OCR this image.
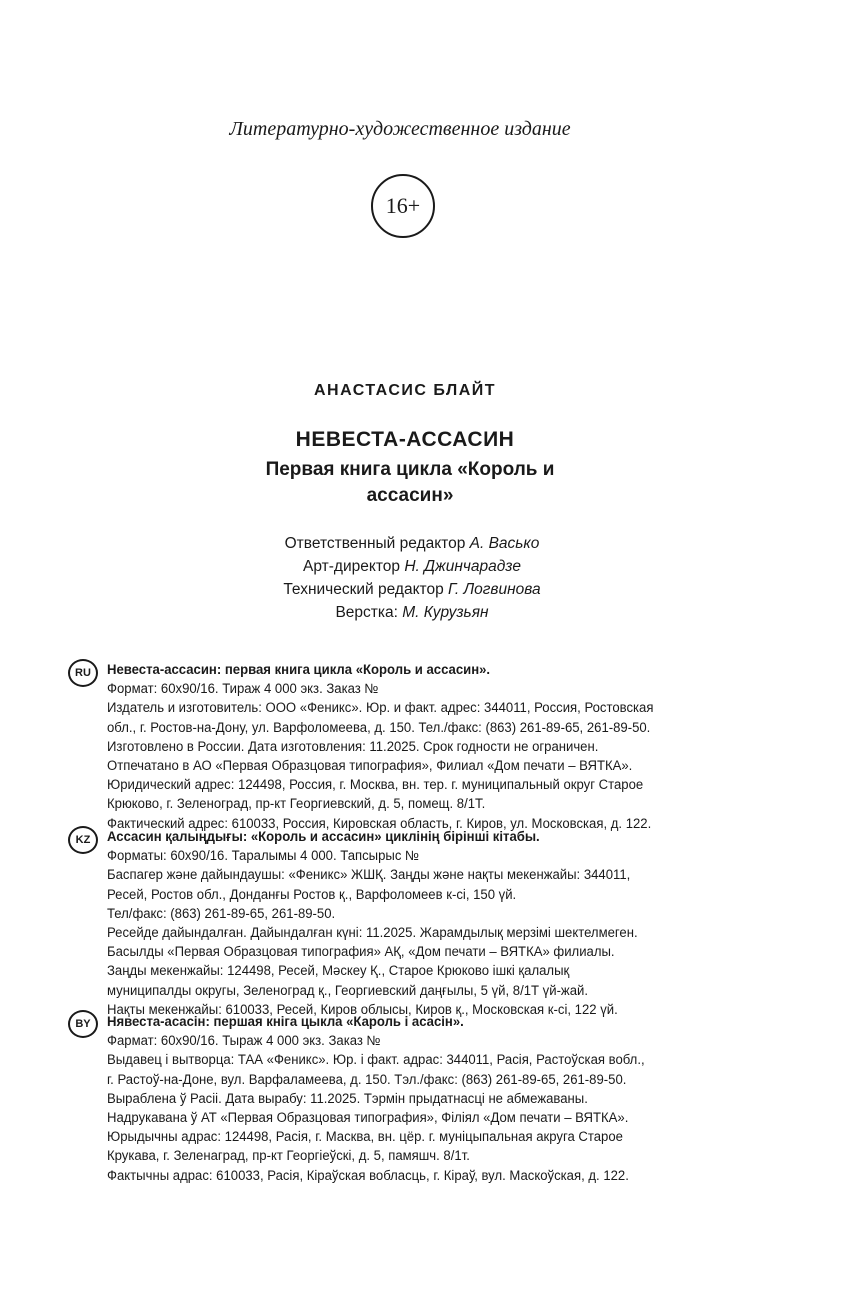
Литературно-художественное издание
16+
АНАСТАСИС БЛАЙТ
НЕВЕСТА-АССАСИН
Первая книга цикла «Король и
ассасин»
Ответственный редактор А. Васько
Арт-директор Н. Джинчарадзе
Технический редактор Г. Логвинова
Верстка: М. Курузьян
RU	Невеста-ассасин: первая книга цикла «Король и ассасин».
Формат: 60x90/16. Тираж 4 000 экз. Заказ №
Издатель и изготовитель: ООО «Феникс». Юр. и факт. адрес: 344011, Россия, Ростовская
обл., г. Ростов-на-Дону, ул. Варфоломеева, д. 150. Тел./факс: (863) 261-89-65, 261-89-50.
Изготовлено в России. Дата изготовления: 11.2025. Срок годности не ограничен.
Отпечатано в АО «Первая Образцовая типография», Филиал «Дом печати – ВЯТКА».
Юридический адрес: 124498, Россия, г. Москва, вн. тер. г. муниципальный округ Старое
Крюково, г. Зеленоград, пр-кт Георгиевский, д. 5, помещ. 8/1Т.
Фактический адрес: 610033, Россия, Кировская область, г. Киров, ул. Московская, д. 122.
KZ	Ассасин қалыңдығы: «Король и ассасин» циклінің бірінші кітабы.
Форматы: 60х90/16. Таралымы 4 000. Тапсырыс №
Баспагер және дайындаушы: «Феникс» ЖШҚ. Заңды және нақты мекенжайы: 344011,
Ресей, Ростов обл., Донданғы Ростов қ., Варфоломеев к-сі, 150 үй.
Тел/факс: (863) 261-89-65, 261-89-50.
Ресейде дайындалған. Дайындалған күні: 11.2025. Жарамдылық мерзімі шектелмеген.
Басылды «Первая Образцовая типография» АҚ, «Дом печати – ВЯТКА» филиалы.
Заңды мекенжайы: 124498, Ресей, Мәскеу Қ., Старое Крюково ішкі қалалық
муниципалды округы, Зеленоград қ., Георгиевский даңғылы, 5 үй, 8/1Т үй-жай.
Нақты мекенжайы: 610033, Ресей, Киров облысы, Киров қ., Московская к-сі, 122 үй.
BY	Нявеста-асасін: першая кніга цыкла «Кароль і асасін».
Фармат: 60х90/16. Тыраж 4 000 экз. Заказ №
Выдавец і вытворца: ТАА «Феникс». Юр. і факт. адрас: 344011, Расія, Растоўская вобл.,
г. Растоў-на-Доне, вул. Варфаламеева, д. 150. Тэл./факс: (863) 261-89-65, 261-89-50.
Выраблена ў Расіі. Дата вырабу: 11.2025. Тэрмін прыдатнасці не абмежаваны.
Надрукавана ў АТ «Первая Образцовая типография», Філіял «Дом печати – ВЯТКА».
Юрыдычны адрас: 124498, Расія, г. Масква, вн. цёр. г. муніцыпальная акруга Старое
Крукава, г. Зеленаград, пр-кт Георгіеўскі, д. 5, памяшч. 8/1т.
Фактычны адрас: 610033, Расія, Кіраўская вобласць, г. Кіраў, вул. Маскоўская, д. 122.
